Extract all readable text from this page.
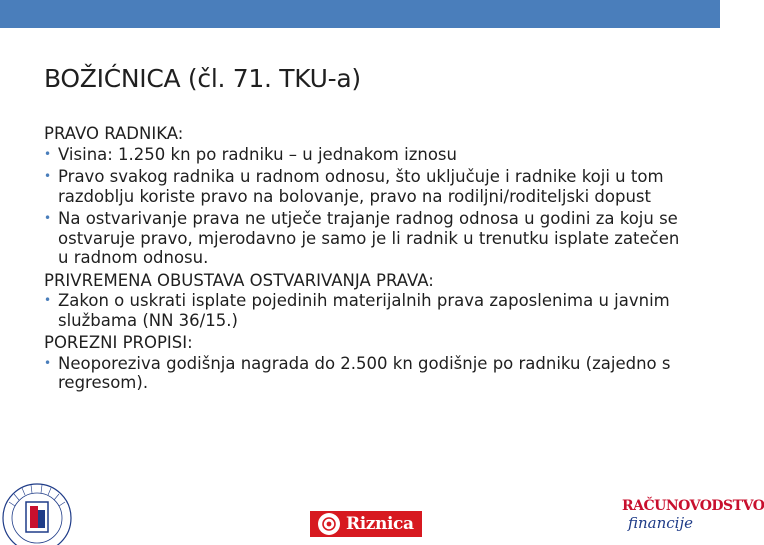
BOŽIĆNICA (čl. 71. TKU-a)
PRAVO RADNIKA:
• Visina: 1.250 kn po radniku – u jednakom iznosu
• Pravo svakog radnika u radnom odnosu, što uključuje i radnike koji u tom razdoblju koriste pravo na bolovanje, pravo na rodiljni/roditeljski dopust
• Na ostvarivanje prava ne utječe trajanje radnog odnosa u godini za koju se ostvaruje pravo, mjerodavno je samo je li radnik u trenutku isplate zatečen u radnom odnosu.
PRIVREMENA OBUSTAVA OSTVARIVANJA PRAVA:
• Zakon o uskrati isplate pojedinih materijalnih prava zaposlenima u javnim službama (NN 36/15.)
POREZNI PROPISI:
• Neoporeziva godišnja nagrada do 2.500 kn godišnje po radniku (zajedno s regresom).
Riznica
RAČUNOVODSTVO
financije
